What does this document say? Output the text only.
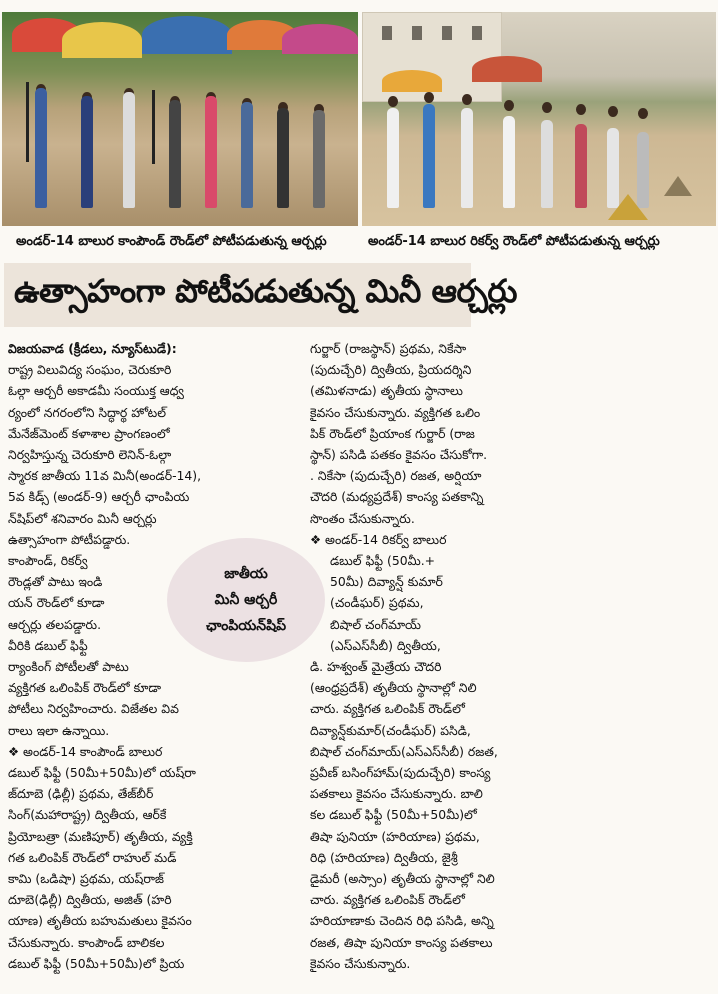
అండర్‌-14 బాలుర కాంపౌండ్‌ రౌండ్‌లో పోటీపడుతున్న ఆర్చర్లు	అండర్‌-14 బాలుర రికర్వ్‌ రౌండ్‌లో పోటీపడుతున్న ఆర్చర్లు
ఉత్సాహంగా పోటీపడుతున్న మినీ ఆర్చర్లు

విజయవాడ (క్రీడలు, న్యూస్‌టుడే):

రాష్ట్ర విలువిద్య సంఘం, చెరుకూరి

ఓల్గా ఆర్చరీ అకాడమీ సంయుక్త ఆధ్వ

ర్యంలో నగరంలోని సిద్ధార్థ హోటల్‌

మేనేజ్‌మెంట్‌ కళాశాల ప్రాంగణంలో

నిర్వహిస్తున్న చెరుకూరి లెనిన్‌-ఓల్గా

స్మారక జాతీయ 11వ మినీ(అండర్‌-14),

5వ కిడ్స్‌ (అండర్‌-9) ఆర్చరీ ఛాంపియ

న్‌షిప్‌లో శనివారం మినీ ఆర్చర్లు

ఉత్సాహంగా పోటీపడ్డారు.

కాంపౌండ్‌, రికర్వ్‌

రౌండ్లతో పాటు ఇండి

యన్‌ రౌండ్‌లో కూడా

ఆర్చర్లు తలపడ్డారు.

వీరికి డబుల్‌ ఫిఫ్టీ

ర్యాంకింగ్‌ పోటీలతో పాటు

వ్యక్తిగత ఒలింపిక్‌ రౌండ్‌లో కూడా

పోటీలు నిర్వహించారు. విజేతల వివ

రాలు ఇలా ఉన్నాయి.

❖ అండర్‌-14 కాంపౌండ్‌ బాలుర

డబుల్‌ ఫిఫ్టీ (50మీ+50మీ)లో యష్‌రా

జ్‌దూబె (ఢిల్లీ) ప్రథమ, తేజ్‌బీర్‌

సింగ్‌(మహారాష్ట్ర) ద్వితీయ, ఆర్‌కే

ప్రియోబత్రా (మణిపూర్‌) తృతీయ, వ్యక్తి

గత ఒలింపిక్‌ రౌండ్‌లో రాహుల్‌ మడ్‌

కామి (ఒడిషా) ప్రథమ, యష్‌రాజ్‌

దూబె(ఢిల్లీ) ద్వితీయ, అజిత్‌ (హరి

యాణ) తృతీయ బహుమతులు కైవసం

చేసుకున్నారు. కాంపౌండ్‌ బాలికల

డబుల్‌ ఫిఫ్టీ (50మీ+50మీ)లో ప్రియ

గుర్జార్‌ (రాజస్థాన్‌) ప్రథమ, నికేసా

(పుదుచ్చేరి) ద్వితీయ, ప్రియదర్శిని

(తమిళనాడు) తృతీయ స్థానాలు

కైవసం చేసుకున్నారు. వ్యక్తిగత ఒలిం

పిక్‌ రౌండ్‌లో ప్రియాంక గుర్జార్‌ (రాజ

స్థాన్‌) పసిడి పతకం కైవసం చేసుకోగా.

. నికేసా (పుదుచ్చేరి) రజత, అర్షియా

చౌదరి (మధ్యప్రదేశ్‌) కాంస్య పతకాన్ని

సొంతం చేసుకున్నారు.

❖ అండర్‌-14 రికర్వ్‌ బాలుర

డబుల్‌ ఫిఫ్టీ (50మీ.+

50మీ) దివ్యాన్ష్‌ కుమార్‌

(చండీఘర్‌) ప్రథమ,

బిషాల్‌ చంగ్‌మాయ్‌

(ఎస్‌ఎస్‌సీబీ) ద్వితీయ,

డి. హశ్వంత్‌ మైత్రేయ చౌదరి

(ఆంధ్రప్రదేశ్‌) తృతీయ స్థానాల్లో నిలి

చారు. వ్యక్తిగత ఒలింపిక్‌ రౌండ్‌లో

దివ్యాన్ష్‌కుమార్‌(చండీఘర్‌) పసిడి,

బిషాల్‌ చంగ్‌మాయ్‌(ఎస్‌ఎస్‌సీబీ) రజత,

ప్రవీణ్‌ బసింగ్‌హామ్‌(పుదుచ్చేరి) కాంస్య

పతకాలు కైవసం చేసుకున్నారు. బాలి

కల డబుల్‌ ఫిఫ్టీ (50మీ+50మీ)లో

తిషా పునియా (హరియాణ) ప్రథమ,

రిధి (హరియాణ) ద్వితీయ, జైశ్రీ

డైమరీ (అస్సాం) తృతీయ స్థానాల్లో నిలి

చారు. వ్యక్తిగత ఒలింపిక్‌ రౌండ్‌లో

హరియాణాకు చెందిన రిధి పసిడి, అన్ని

రజత, తిషా పునియా కాంస్య పతకాలు

కైవసం చేసుకున్నారు.

జాతీయ
మినీ ఆర్చరీ
ఛాంపియన్‌షిప్‌
